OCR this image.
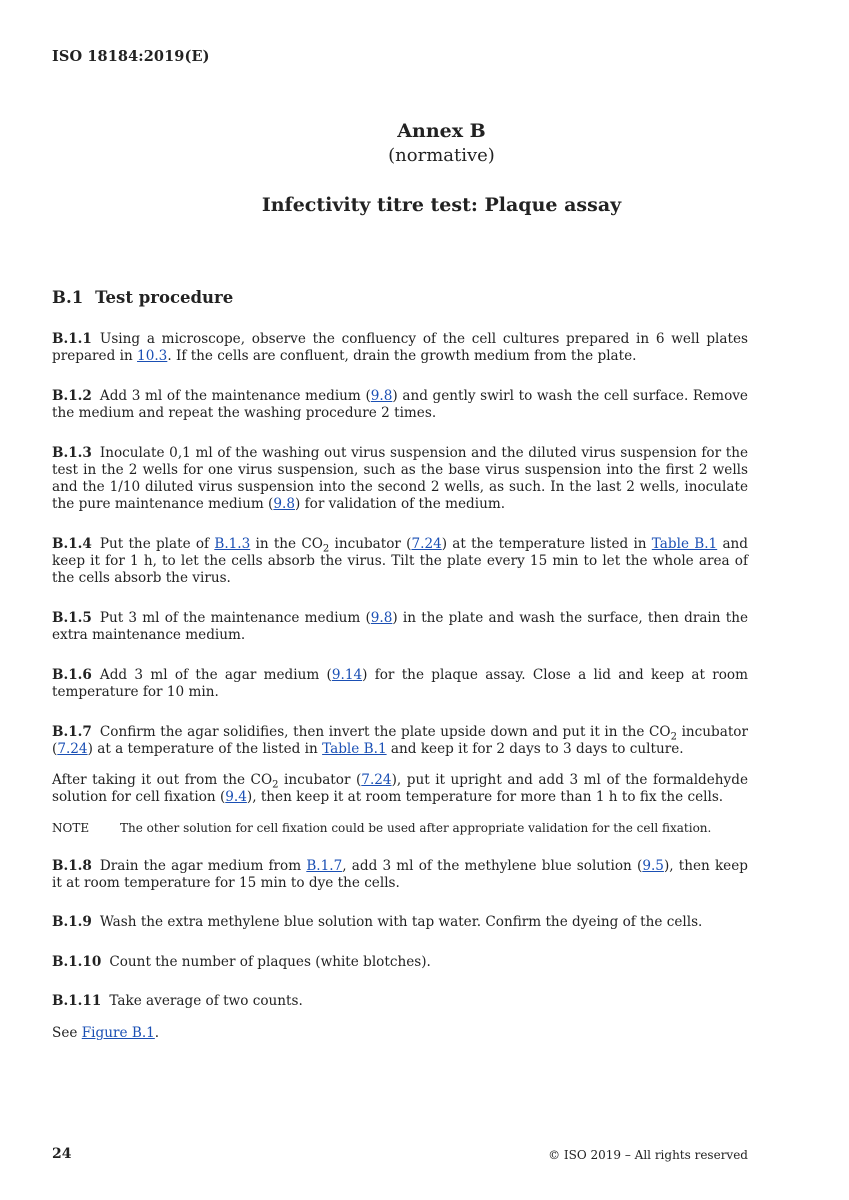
ISO 18184:2019(E)
Annex B
(normative)
Infectivity titre test: Plaque assay
B.1 Test procedure
B.1.1 Using a microscope, observe the confluency of the cell cultures prepared in 6 well plates prepared in 10.3. If the cells are confluent, drain the growth medium from the plate.
B.1.2 Add 3 ml of the maintenance medium (9.8) and gently swirl to wash the cell surface. Remove the medium and repeat the washing procedure 2 times.
B.1.3 Inoculate 0,1 ml of the washing out virus suspension and the diluted virus suspension for the test in the 2 wells for one virus suspension, such as the base virus suspension into the first 2 wells and the 1/10 diluted virus suspension into the second 2 wells, as such. In the last 2 wells, inoculate the pure maintenance medium (9.8) for validation of the medium.
B.1.4 Put the plate of B.1.3 in the $CO_2$ incubator (7.24) at the temperature listed in Table B.1 and keep it for 1 h, to let the cells absorb the virus. Tilt the plate every 15 min to let the whole area of the cells absorb the virus.
B.1.5 Put 3 ml of the maintenance medium (9.8) in the plate and wash the surface, then drain the extra maintenance medium.
B.1.6 Add 3 ml of the agar medium (9.14) for the plaque assay. Close a lid and keep at room temperature for 10 min.
B.1.7 Confirm the agar solidifies, then invert the plate upside down and put it in the $CO_2$ incubator (7.24) at a temperature of the listed in Table B.1 and keep it for 2 days to 3 days to culture.
After taking it out from the $CO_2$ incubator (7.24), put it upright and add 3 ml of the formaldehyde solution for cell fixation (9.4), then keep it at room temperature for more than 1 h to fix the cells.
NOTE	The other solution for cell fixation could be used after appropriate validation for the cell fixation.
B.1.8 Drain the agar medium from B.1.7, add 3 ml of the methylene blue solution (9.5), then keep it at room temperature for 15 min to dye the cells.
B.1.9 Wash the extra methylene blue solution with tap water. Confirm the dyeing of the cells.
B.1.10 Count the number of plaques (white blotches).
B.1.11 Take average of two counts.
See Figure B.1.
24	© ISO 2019 – All rights reserved
